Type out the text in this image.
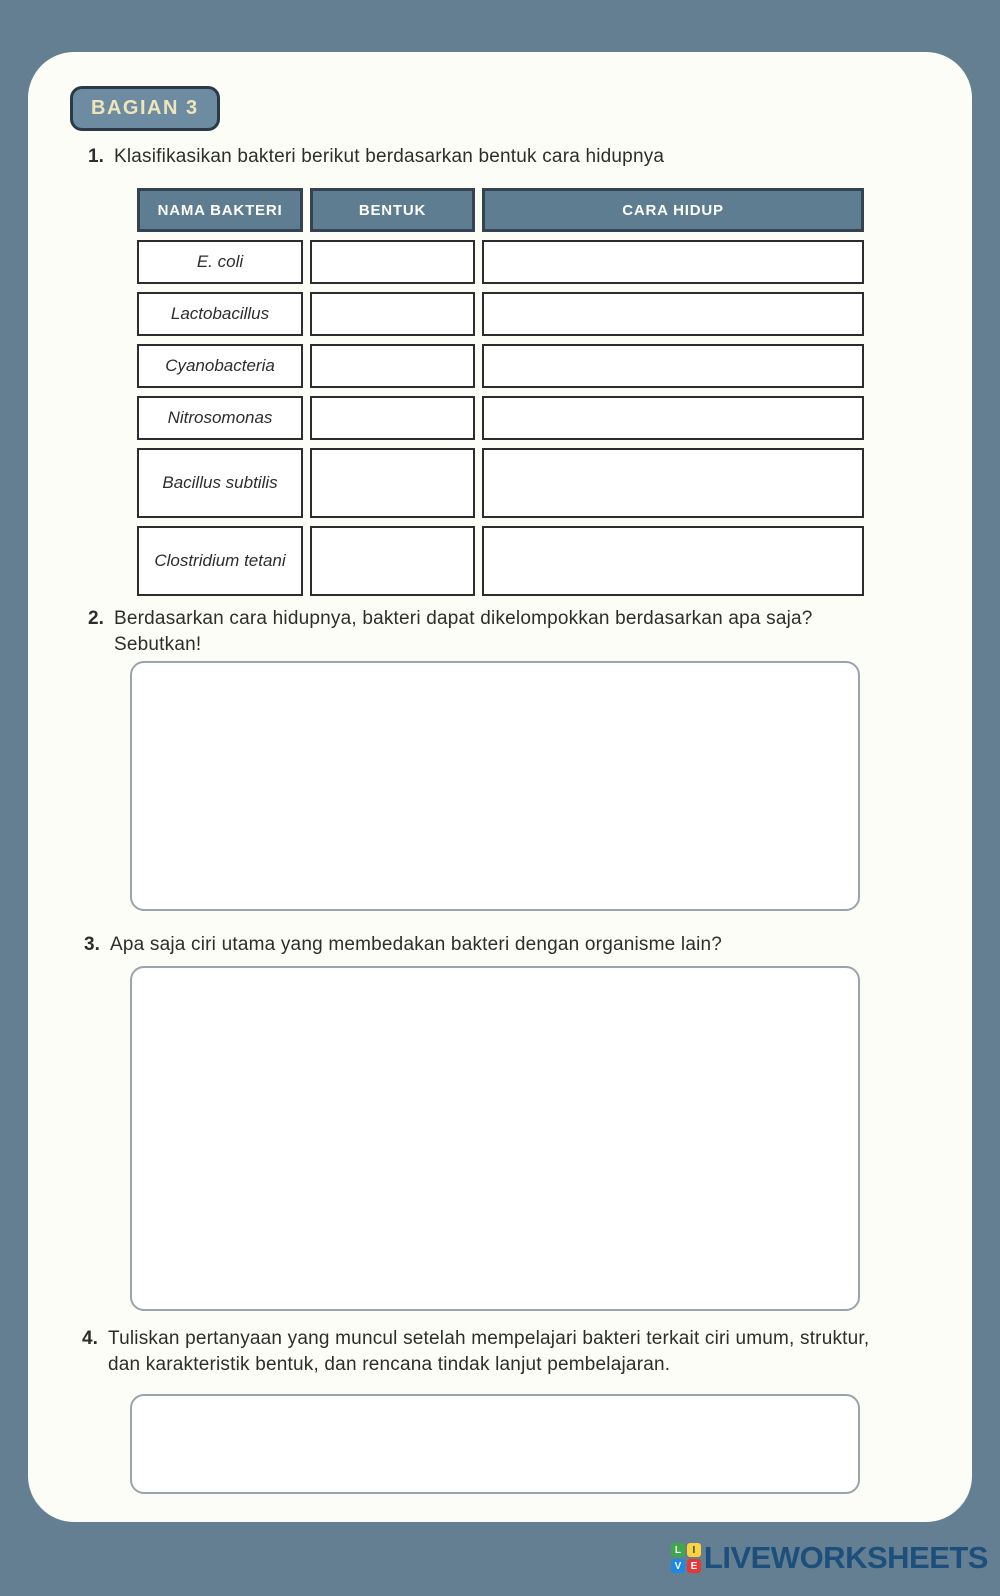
BAGIAN 3
1. Klasifikasikan bakteri berikut berdasarkan bentuk cara hidupnya
NAMA BAKTERI	BENTUK	CARA HIDUP
E. coli
Lactobacillus
Cyanobacteria
Nitrosomonas
Bacillus subtilis
Clostridium tetani
2. Berdasarkan cara hidupnya, bakteri dapat dikelompokkan berdasarkan apa saja? Sebutkan!
3. Apa saja ciri utama yang membedakan bakteri dengan organisme lain?
4. Tuliskan pertanyaan yang muncul setelah mempelajari bakteri terkait ciri umum, struktur, dan karakteristik bentuk, dan rencana tindak lanjut pembelajaran.
L	I
V E LIVEWORKSHEETS
